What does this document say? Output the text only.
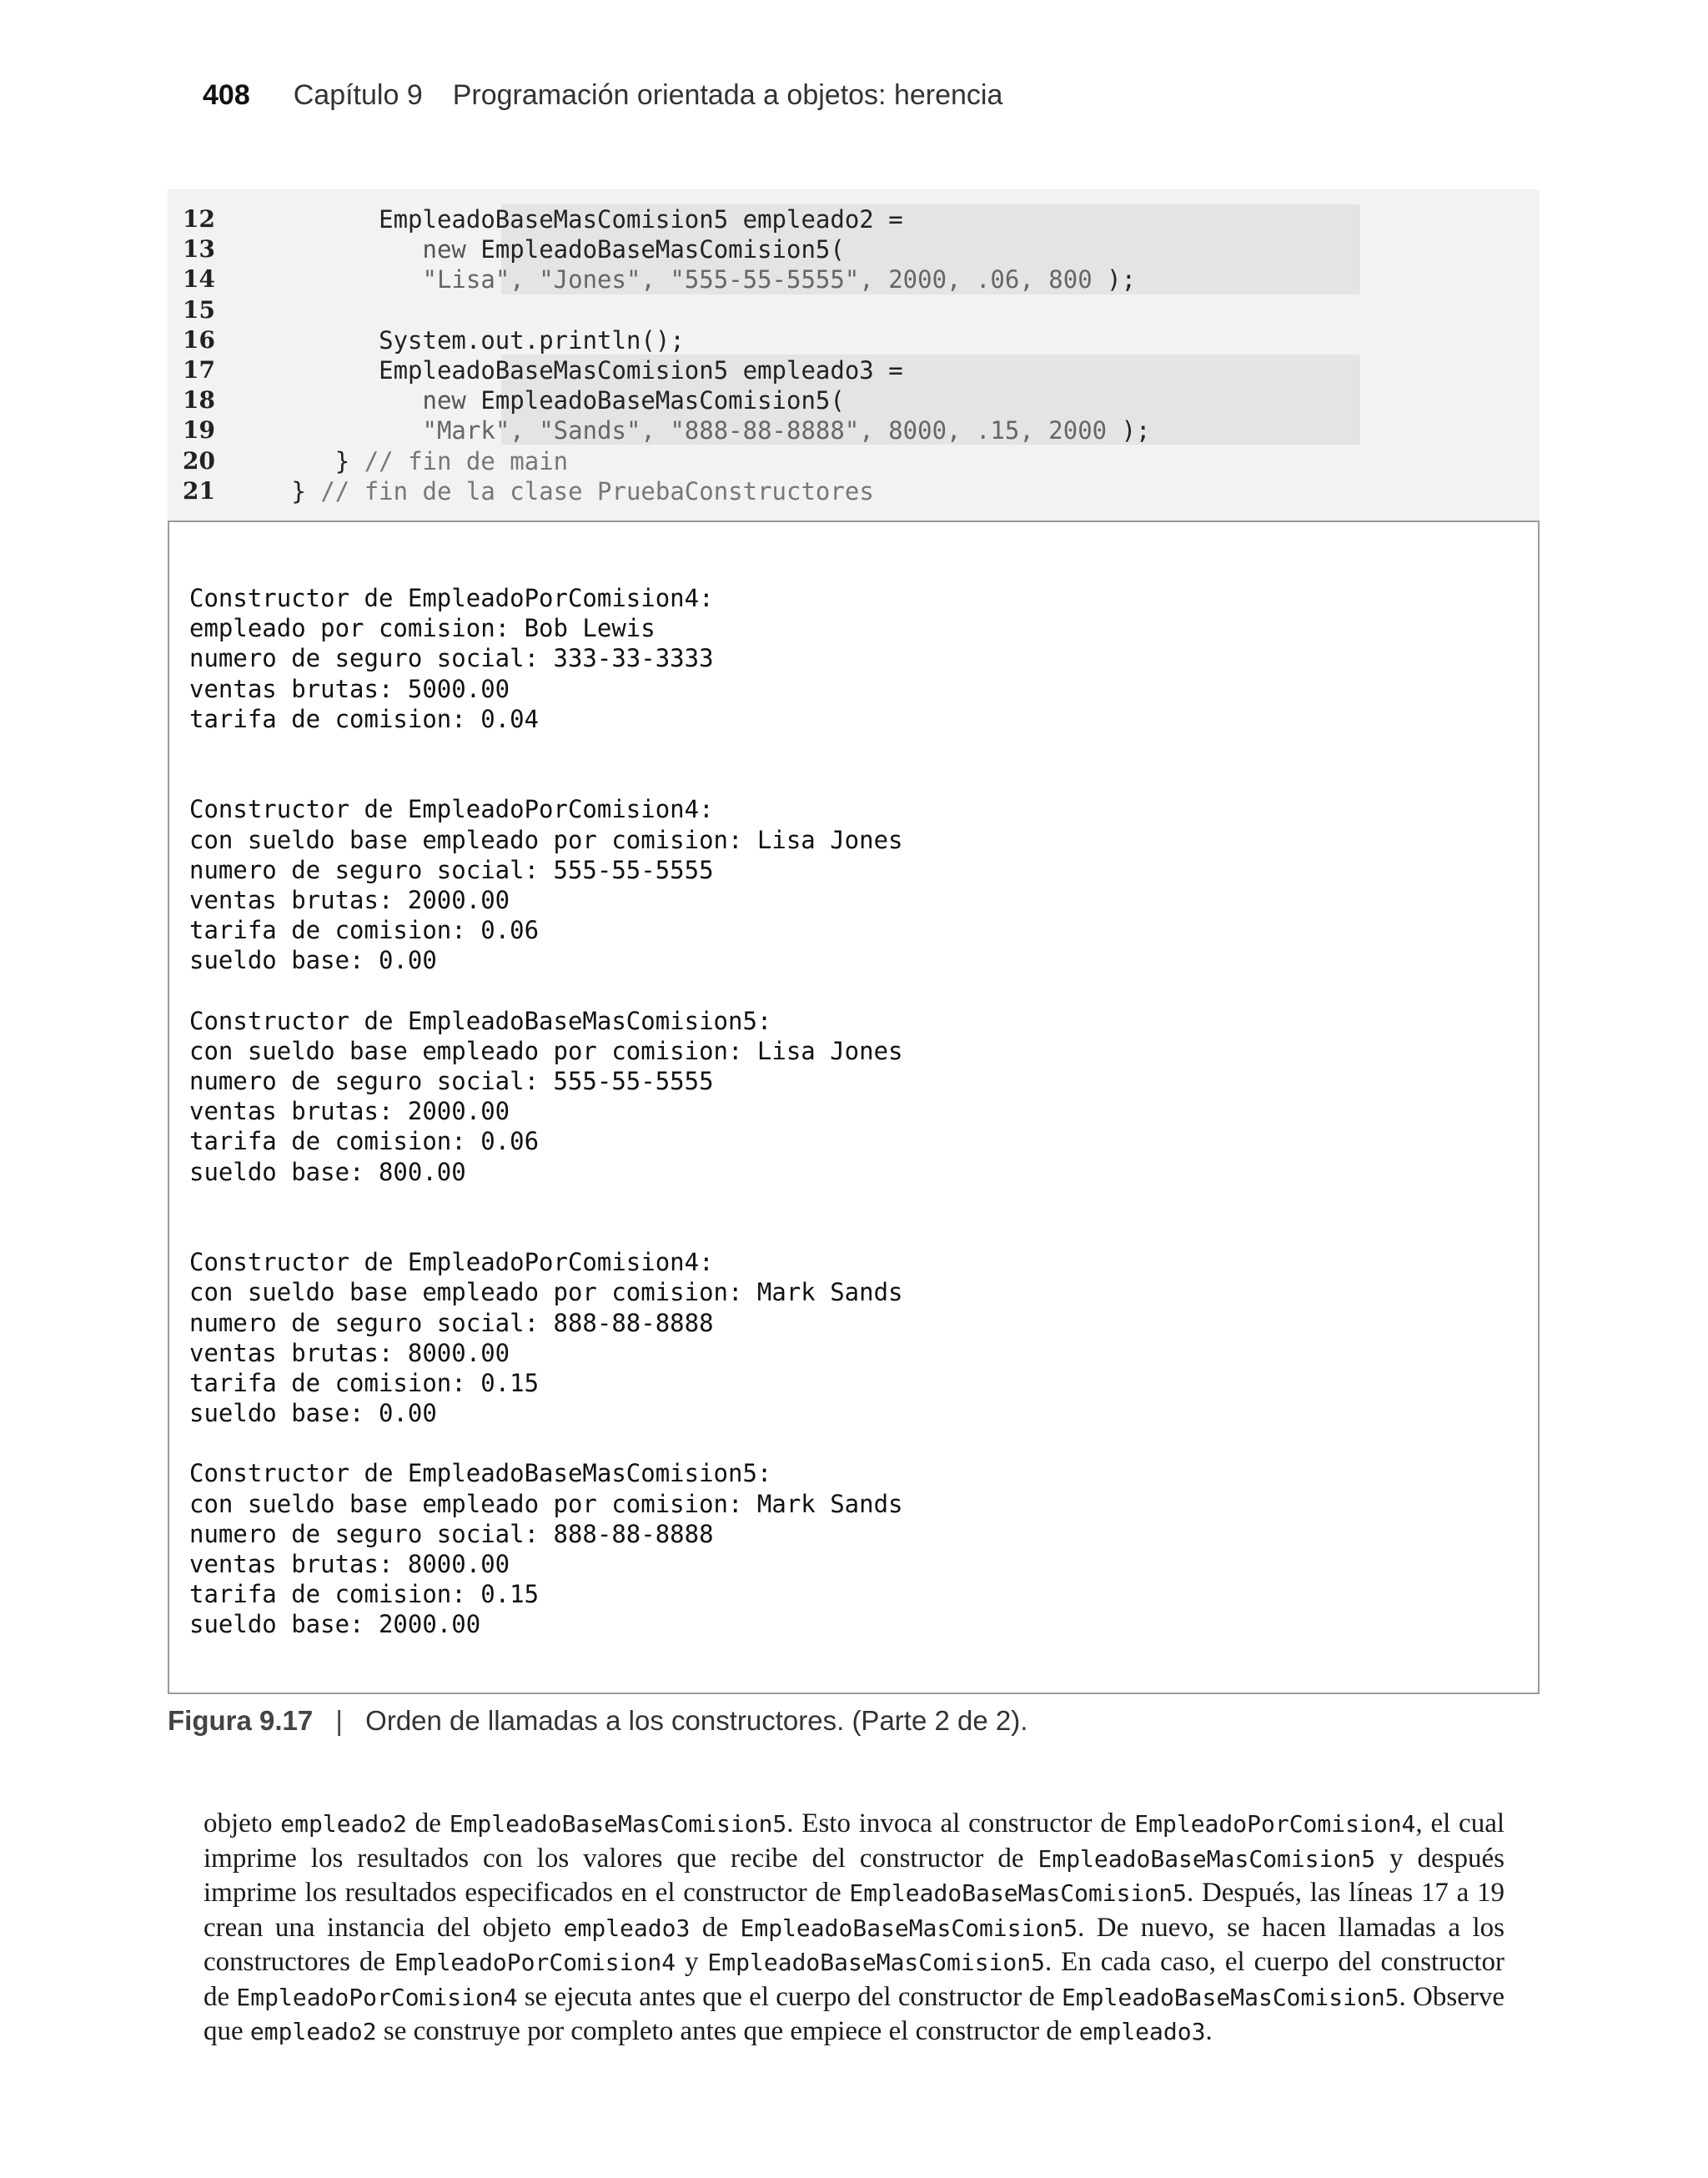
408 Capítulo 9 Programación orientada a objetos: herencia
12	EmpleadoBaseMasComision5 empleado2 =
13	new EmpleadoBaseMasComision5(
14	"Lisa", "Jones", "555-55-5555", 2000, .06, 800 );
15
16	System.out.println();
17	EmpleadoBaseMasComision5 empleado3 =
18	new EmpleadoBaseMasComision5(
19	"Mark", "Sands", "888-88-8888", 8000, .15, 2000 );
20	} // fin de main
21	} // fin de la clase PruebaConstructores
Constructor de EmpleadoPorComision4:
empleado por comision: Bob Lewis
numero de seguro social: 333-33-3333
ventas brutas: 5000.00
tarifa de comision: 0.04
Constructor de EmpleadoPorComision4:
con sueldo base empleado por comision: Lisa Jones
numero de seguro social: 555-55-5555
ventas brutas: 2000.00
tarifa de comision: 0.06
sueldo base: 0.00
Constructor de EmpleadoBaseMasComision5:
con sueldo base empleado por comision: Lisa Jones
numero de seguro social: 555-55-5555
ventas brutas: 2000.00
tarifa de comision: 0.06
sueldo base: 800.00
Constructor de EmpleadoPorComision4:
con sueldo base empleado por comision: Mark Sands
numero de seguro social: 888-88-8888
ventas brutas: 8000.00
tarifa de comision: 0.15
sueldo base: 0.00
Constructor de EmpleadoBaseMasComision5:
con sueldo base empleado por comision: Mark Sands
numero de seguro social: 888-88-8888
ventas brutas: 8000.00
tarifa de comision: 0.15
sueldo base: 2000.00
Figura 9.17 | Orden de llamadas a los constructores. (Parte 2 de 2).

objeto empleado2 de EmpleadoBaseMasComision5. Esto invoca al constructor de EmpleadoPorComision4, el cual imprime los resultados con los valores que recibe del constructor de EmpleadoBaseMasComision5 y después imprime los resultados especificados en el constructor de EmpleadoBaseMasComision5. Después, las líneas 17 a 19 crean una instancia del objeto empleado3 de EmpleadoBaseMasComision5. De nuevo, se hacen llamadas a los constructores de EmpleadoPorComision4 y EmpleadoBaseMasComision5. En cada caso, el cuerpo del constructor de EmpleadoPorComision4 se ejecuta antes que el cuerpo del constructor de EmpleadoBaseMasComision5. Observe que empleado2 se construye por completo antes que empiece el constructor de empleado3.
